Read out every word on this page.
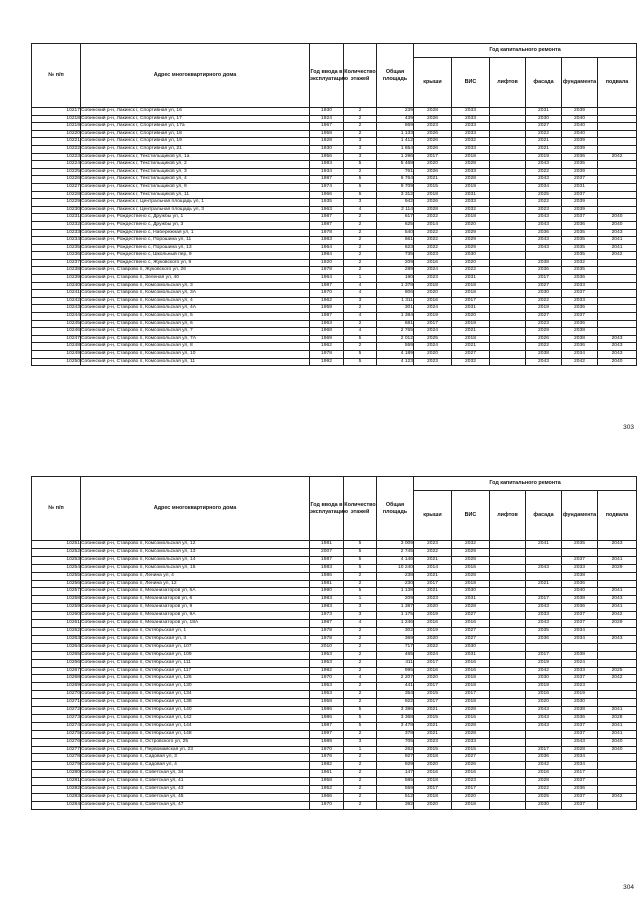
№ п/п	Адрес многоквартирного дома	Год ввода в эксплуатацию	Количество этажей	Общая площадь	Год капитального ремонта					
					крыши	ВИС	лифтов	фасада	фундамента	подвала
10217	Собинский р-н, Лакинск г, Спортивная ул, 16	1930	2	239	2028	2033		2031	2039	
10218	Собинский р-н, Лакинск г, Спортивная ул, 17	1924	2	439	2026	2033		2030	2040	
10219	Собинский р-н, Лакинск г, Спортивная ул, 17а	1967	2	869	2023	2033		2027	2040	
10220	Собинский р-н, Лакинск г, Спортивная ул, 18	1958	2	1 133	2026	2033		2022	2040	
10221	Собинский р-н, Лакинск г, Спортивная ул, 19	1928	3	1 412	2026	2032		2021	2039	
10222	Собинский р-н, Лакинск г, Спортивная ул, 21	1930	3	1 654	2026	2033		2021	2039	
10223	Собинский р-н, Лакинск г, Текстильщиков ул, 1а	1956	3	1 296	2017	2018		2019	2036	2042
10224	Собинский р-н, Лакинск г, Текстильщиков ул, 2	1983	5	5 468	2020	2028		2043	2035	
10225	Собинский р-н, Лакинск г, Текстильщиков ул, 3	1934	2	761	2026	2033		2022	2039	
10226	Собинский р-н, Лакинск г, Текстильщиков ул, 4	1987	5	6 764	2021	2028		2043	2037	
10227	Собинский р-н, Лакинск г, Текстильщиков ул, 9	1974	5	9 709	2015	2019		2034	2031	
10228	Собинский р-н, Лакинск г, Текстильщиков ул, 11	1966	5	3 312	2018	2031		2025	2037	
10229	Собинский р-н, Лакинск г, Центральная площадь ул, 1	1935	3	942	2026	2033		2022	2039	
10230	Собинский р-н, Лакинск г, Центральная площадь ул, 3	1963	4	2 114	2028	2032		2023	2039	
10231	Собинский р-н, Рождествено с, Дружбы ул, 1	1987	2	617	2022	2018		2043	2037	2040
10232	Собинский р-н, Рождествено с, Дружбы ул, 3	1987	2	625	2014	2020		2043	2036	2040
10233	Собинский р-н, Рождествено с, Набережная ул, 1	1978	2	540	2022	2029		2036	2035	2043
10234	Собинский р-н, Рождествено с, Порошина ул, 11	1983	2	661	2022	2029		2043	2035	2041
10235	Собинский р-н, Рождествено с, Порошина ул, 13	1964	2	623	2022	2029		2043	2035	2041
10236	Собинский р-н, Рождествено с, Школьный пер, 9	1984	2	735	2023	2030			2035	2042
10237	Собинский р-н, Рождествено с, Жуковского ул, 9	1920	2	209	2016	2020		2038	2032	
10238	Собинский р-н, Ставрово п, Жуковского ул, 26	1978	2	289	2024	2022		2036	2035	
10239	Собинский р-н, Ставрово п, Зеленая ул, 40	1964	1	190	2023	2031		2017	2036	
10240	Собинский р-н, Ставрово п, Комсомольская ул, 3	1987	4	1 378	2018	2018		2027	2033	
10241	Собинский р-н, Ставрово п, Комсомольская ул, 3А	1970	4	806	2020	2018		2030	2037	
10242	Собинский р-н, Ставрово п, Комсомольская ул, 4	1962	3	1 311	2016	2017		2022	2033	
10243	Собинский р-н, Ставрово п, Комсомольская ул, 4А	1959	2	301	2024	2031		2019	2036	
10244	Собинский р-н, Ставрово п, Комсомольская ул, 5	1987	4	1 384	2019	2020		2027	2037	
10245	Собинский р-н, Ставрово п, Комсомольская ул, 6	1963	2	681	2017	2019		2023	2036	
10246	Собинский р-н, Ставрово п, Комсомольская ул, 7	1968	4	2 765	2024	2021		2029	2038	
10247	Собинский р-н, Ставрово п, Комсомольская ул, 7А	1969	5	2 012	2025	2018		2026	2038	2043
10248	Собинский р-н, Ставрово п, Комсомольская ул, 8	1962	2	559	2024	2021		2022	2036	2043
10249	Собинский р-н, Ставрово п, Комсомольская ул, 10	1978	5	4 189	2020	2027		2038	2034	2043
10250	Собинский р-н, Ставрово п, Комсомольская ул, 11	1992	5	4 123	2023	2032		2043	2042	2040
303
№ п/п	Адрес многоквартирного дома	Год ввода в эксплуатацию	Количество этажей	Общая площадь	Год капитального ремонта					
					крыши	ВИС	лифтов	фасада	фундамента	подвала
10251	Собинский р-н, Ставрово п, Комсомольская ул, 12	1981	5	3 009	2023	2032		2041	2035	2043
10252	Собинский р-н, Ставрово п, Комсомольская ул, 13	2007	5	2 745	2022	2029				
10253	Собинский р-н, Ставрово п, Комсомольская ул, 14	1987	5	4 146	2021	2028			2037	2041
10254	Собинский р-н, Ставрово п, Комсомольская ул, 15	1983	5	10 240	2014	2016		2043	2033	2029
10255	Собинский р-н, Ставрово п, Ленина ул, 4	1986	2	238	2021	2028			2038	
10256	Собинский р-н, Ставрово п, Ленина ул, 12	1981	2	230	2017	2018		2021	2036	
10257	Собинский р-н, Ставрово п, Механизаторов ул, 5А	1990	5	1 138	2021	2030			2040	2041
10258	Собинский р-н, Ставрово п, Механизаторов ул, 6	1983	1	209	2023	2031		2017	2038	2043
10259	Собинский р-н, Ставрово п, Механизаторов ул, 9	1983	3	1 387	2020	2028		2043	2036	2041
10260	Собинский р-н, Ставрово п, Механизаторов ул, 9А	1973	3	1 175	2019	2027		2033	2037	2042
10261	Собинский р-н, Ставрово п, Механизаторов ул, 18А	1987	4	1 246	2016	2016		2043	2037	2029
10262	Собинский р-н, Ставрово п, Октябрьская ул, 1	1978	2	302	2019	2027		2035	2034	
10263	Собинский р-н, Ставрово п, Октябрьская ул, 3	1978	2	369	2020	2027		2036	2034	2043
10264	Собинский р-н, Ставрово п, Октябрьская ул, 107	2010	2	717	2022	2030				
10265	Собинский р-н, Ставрово п, Октябрьская ул, 109	1953	2	465	2024	2031		2017	2038	
10266	Собинский р-н, Ставрово п, Октябрьская ул, 111	1953	2	411	2017	2016		2019	2024	
10267	Собинский р-н, Ставрово п, Октябрьская ул, 117	1982	2	995	2016	2016		2042	2033	2025
10268	Собинский р-н, Ставрово п, Октябрьская ул, 126	1970	4	2 207	2020	2018		2030	2037	2042
10269	Собинский р-н, Ставрово п, Октябрьская ул, 130	1953	2	441	2017	2018		2019	2023	
10270	Собинский р-н, Ставрово п, Октябрьская ул, 134	1953	2	354	2015	2017		2016	2019	
10271	Собинский р-н, Ставрово п, Октябрьская ул, 138	1958	2	922	2017	2018		2020	2030	
10272	Собинский р-н, Ставрово п, Октябрьская ул, 140	1986	5	3 386	2021	2028		2043	2038	2041
10273	Собинский р-н, Ставрово п, Октябрьская ул, 142	1986	5	3 368	2015	2016		2043	2036	2028
10274	Собинский р-н, Ставрово п, Октябрьская ул, 144	1987	5	3 478	2021	2028		2043	2037	2041
10275	Собинский р-н, Ставрово п, Октябрьская ул, 148	1997	2	378	2021	2028			2037	2041
10276	Собинский р-н, Ставрово п, Островского ул, 25	1989	3	705	2023	2033			2043	2040
10277	Собинский р-н, Ставрово п, Первомайская ул, 23	1970	1	262	2015	2015		2017	2028	2040
10278	Собинский р-н, Ставрово п, Садовая ул, 3	1976	2	927	2018	2027		2036	2034	
10279	Собинский р-н, Ставрово п, Садовая ул, 4	1982	2	929	2020	2026		2042	2034	
10280	Собинский р-н, Ставрово п, Советская ул, 34	1961	2	147	2016	2016		2016	2017	
10281	Собинский р-н, Ставрово п, Советская ул, 41	1958	2	585	2018	2023		2028	2037	
10282	Собинский р-н, Ставрово п, Советская ул, 43	1952	2	559	2017	2017		2022	2036	
10283	Собинский р-н, Ставрово п, Советская ул, 45	1966	2	512	2018	2020		2025	2037	2042
10284	Собинский р-н, Ставрово п, Советская ул, 47	1970	2	392	2020	2018		2030	2037	
304
